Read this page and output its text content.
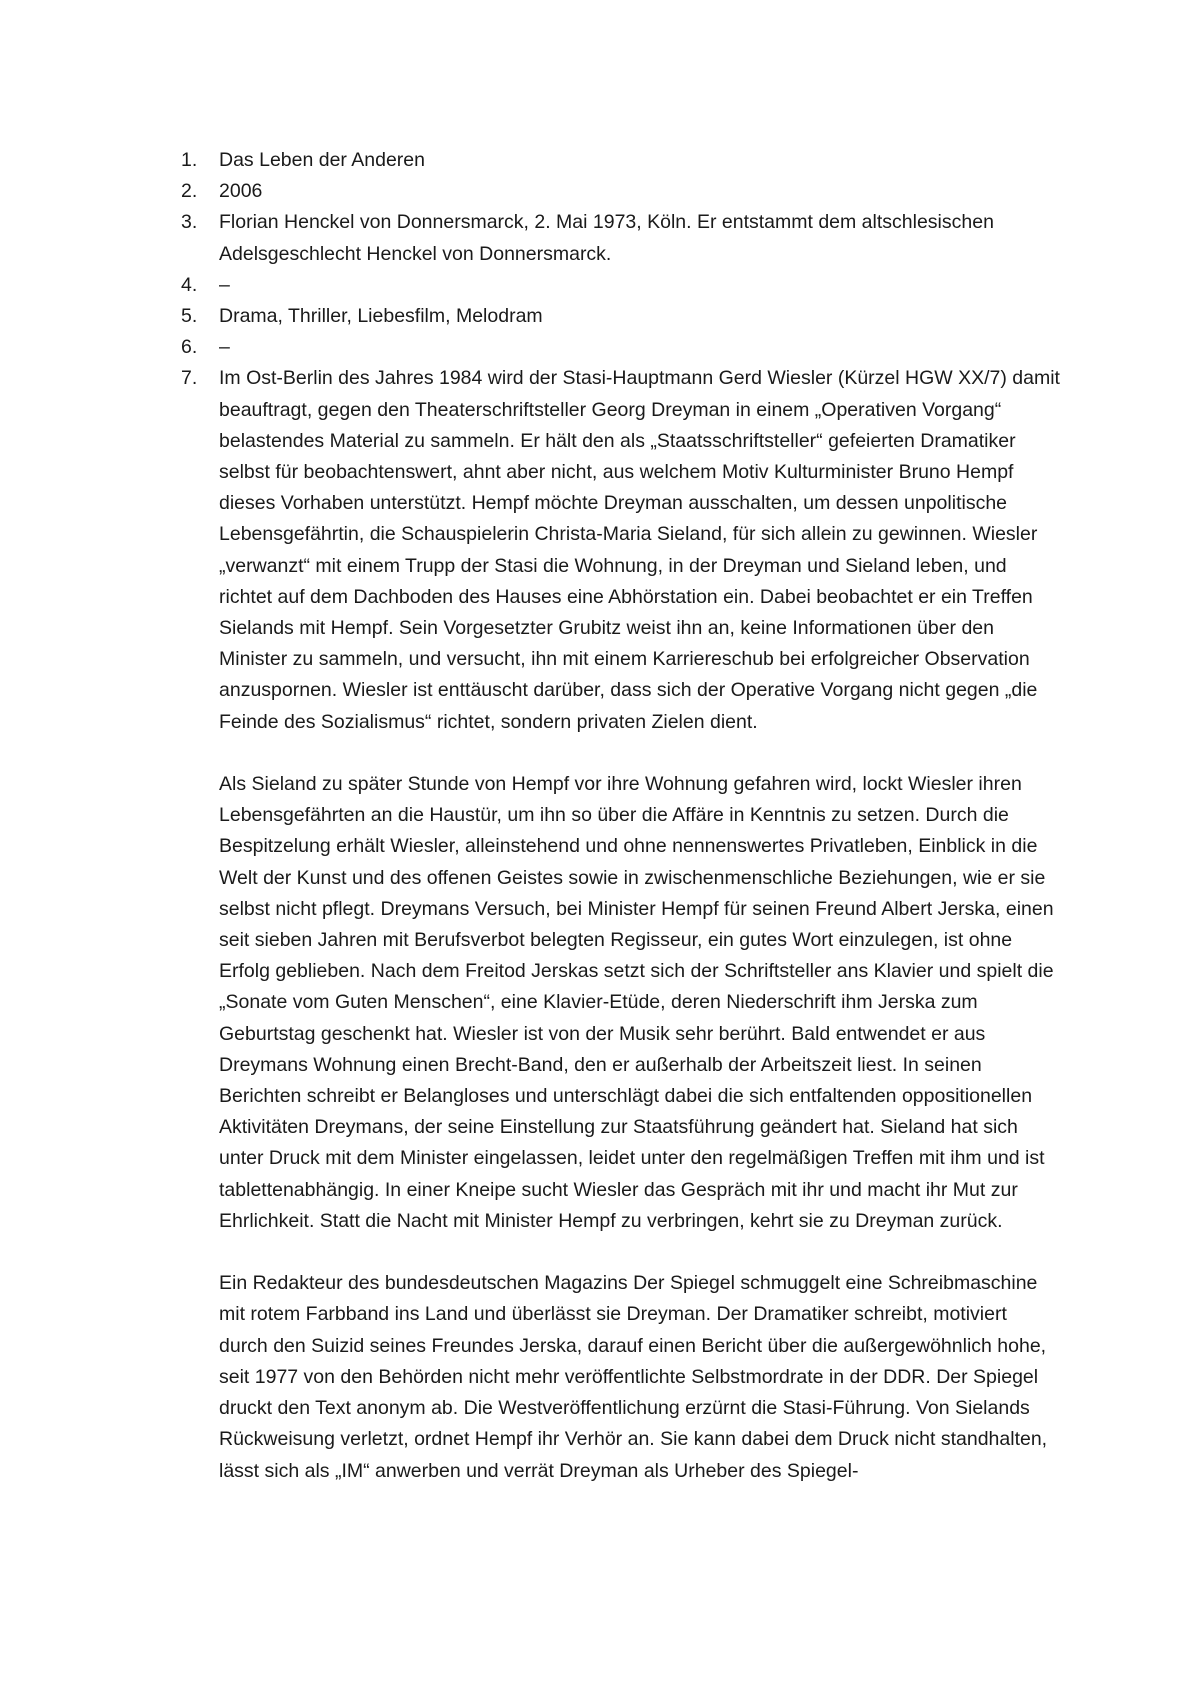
1.	Das Leben der Anderen
2.	2006
3.	Florian Henckel von Donnersmarck, 2. Mai 1973, Köln. Er entstammt dem altschlesischen Adelsgeschlecht Henckel von Donnersmarck.
4.	–
5.	Drama, Thriller, Liebesfilm, Melodram
6.	–
7.	Im Ost-Berlin des Jahres 1984 wird der Stasi-Hauptmann Gerd Wiesler (Kürzel HGW XX/7) damit beauftragt, gegen den Theaterschriftsteller Georg Dreyman in einem „Operativen Vorgang“ belastendes Material zu sammeln. Er hält den als „Staatsschriftsteller“ gefeierten Dramatiker selbst für beobachtenswert, ahnt aber nicht, aus welchem Motiv Kulturminister Bruno Hempf dieses Vorhaben unterstützt. Hempf möchte Dreyman ausschalten, um dessen unpolitische Lebensgefährtin, die Schauspielerin Christa-Maria Sieland, für sich allein zu gewinnen. Wiesler „verwanzt“ mit einem Trupp der Stasi die Wohnung, in der Dreyman und Sieland leben, und richtet auf dem Dachboden des Hauses eine Abhörstation ein. Dabei beobachtet er ein Treffen Sielands mit Hempf. Sein Vorgesetzter Grubitz weist ihn an, keine Informationen über den Minister zu sammeln, und versucht, ihn mit einem Karriereschub bei erfolgreicher Observation anzuspornen. Wiesler ist enttäuscht darüber, dass sich der Operative Vorgang nicht gegen „die Feinde des Sozialismus“ richtet, sondern privaten Zielen dient.

Als Sieland zu später Stunde von Hempf vor ihre Wohnung gefahren wird, lockt Wiesler ihren Lebensgefährten an die Haustür, um ihn so über die Affäre in Kenntnis zu setzen. Durch die Bespitzelung erhält Wiesler, alleinstehend und ohne nennenswertes Privatleben, Einblick in die Welt der Kunst und des offenen Geistes sowie in zwischenmenschliche Beziehungen, wie er sie selbst nicht pflegt. Dreymans Versuch, bei Minister Hempf für seinen Freund Albert Jerska, einen seit sieben Jahren mit Berufsverbot belegten Regisseur, ein gutes Wort einzulegen, ist ohne Erfolg geblieben. Nach dem Freitod Jerskas setzt sich der Schriftsteller ans Klavier und spielt die „Sonate vom Guten Menschen“, eine Klavier-Etüde, deren Niederschrift ihm Jerska zum Geburtstag geschenkt hat. Wiesler ist von der Musik sehr berührt. Bald entwendet er aus Dreymans Wohnung einen Brecht-Band, den er außerhalb der Arbeitszeit liest. In seinen Berichten schreibt er Belangloses und unterschlägt dabei die sich entfaltenden oppositionellen Aktivitäten Dreymans, der seine Einstellung zur Staatsführung geändert hat. Sieland hat sich unter Druck mit dem Minister eingelassen, leidet unter den regelmäßigen Treffen mit ihm und ist tablettenabhängig. In einer Kneipe sucht Wiesler das Gespräch mit ihr und macht ihr Mut zur Ehrlichkeit. Statt die Nacht mit Minister Hempf zu verbringen, kehrt sie zu Dreyman zurück.

Ein Redakteur des bundesdeutschen Magazins Der Spiegel schmuggelt eine Schreibmaschine mit rotem Farbband ins Land und überlässt sie Dreyman. Der Dramatiker schreibt, motiviert durch den Suizid seines Freundes Jerska, darauf einen Bericht über die außergewöhnlich hohe, seit 1977 von den Behörden nicht mehr veröffentlichte Selbstmordrate in der DDR. Der Spiegel druckt den Text anonym ab. Die Westveröffentlichung erzürnt die Stasi-Führung. Von Sielands Rückweisung verletzt, ordnet Hempf ihr Verhör an. Sie kann dabei dem Druck nicht standhalten, lässt sich als „IM“ anwerben und verrät Dreyman als Urheber des Spiegel-
